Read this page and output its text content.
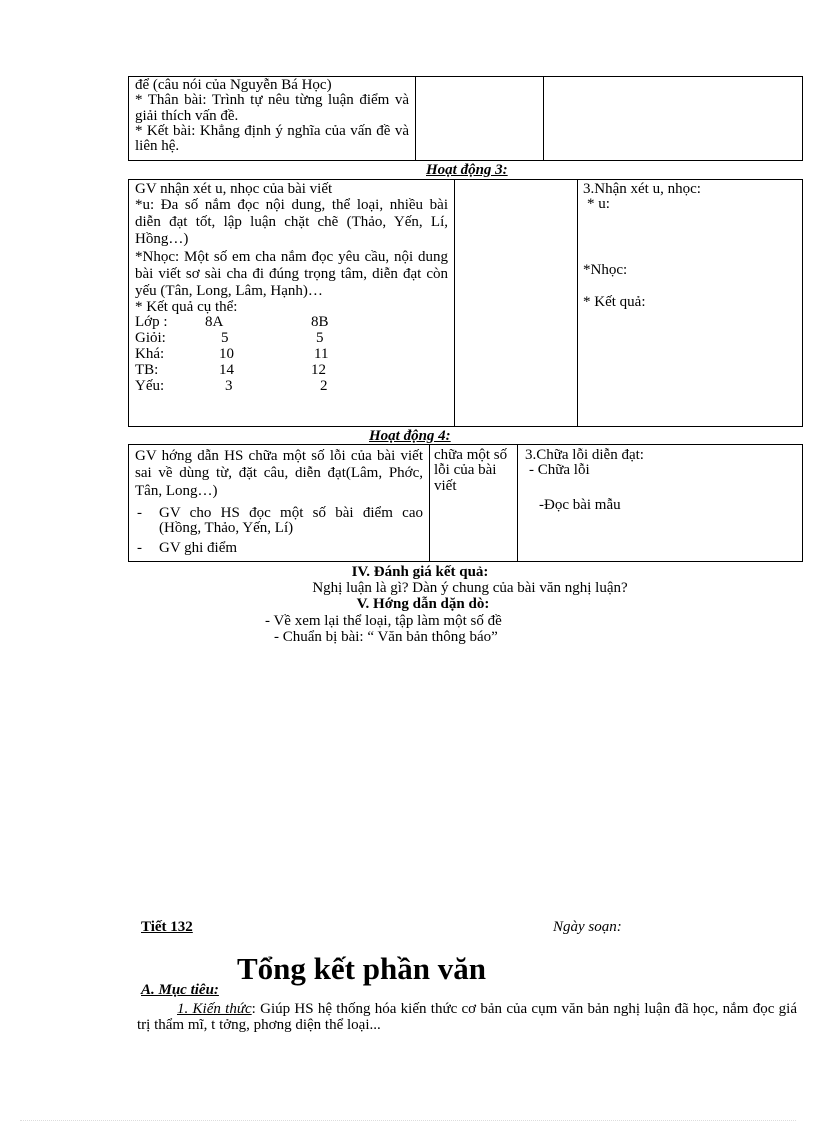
để (câu nói của Nguyễn Bá Học)

* Thân bài: Trình tự nêu từng luận điểm và giải thích vấn đề.

* Kết bài: Khẳng định ý nghĩa của vấn đề và liên hệ.

Hoạt động 3:

GV nhận xét u, nhọc của bài viết

*u: Đa số nắm đọc nội dung, thể loại, nhiều bài diễn đạt tốt, lập luận chặt chẽ (Thảo, Yến, Lí, Hồng…)

*Nhọc: Một số em cha nắm đọc yêu cầu, nội dung bài viết sơ sài cha đi đúng trọng tâm, diễn đạt còn yếu (Tân, Long, Lâm, Hạnh)…

* Kết quả cụ thể:

Lớp : 8A	8B
Giỏi:	5	5
Khá:	10	11
TB:	14	12
Yếu:	3	2

3.Nhận xét u, nhọc:

* u:

*Nhọc:

* Kết quả:

Hoạt động 4:

GV hớng dẫn HS chữa một số lỗi của bài viết sai về dùng từ, đặt câu, diễn đạt(Lâm, Phớc, Tân, Long…)

- GV cho HS đọc một số bài điểm cao (Hồng, Thảo, Yến, Lí)
- GV ghi điểm
chữa một số lỗi của bài viết

3.Chữa lỗi diễn đạt:

- Chữa lỗi

-Đọc bài mẫu

IV. Đánh giá kết quả:
Nghị luận là gì? Dàn ý chung của bài văn nghị luận?
V. Hớng dẫn dặn dò:
- Về xem lại thể loại, tập làm một số đề
- Chuẩn bị bài: “ Văn bản thông báo”
Tiết 132	Ngày soạn:
Tổng kết phần văn
A. Mục tiêu:
1. Kiến thức: Giúp HS hệ thống hóa kiến thức cơ bản của cụm văn bản nghị luận đã học, nắm đọc giá trị thẩm mĩ, t tởng, phơng diện thể loại...
